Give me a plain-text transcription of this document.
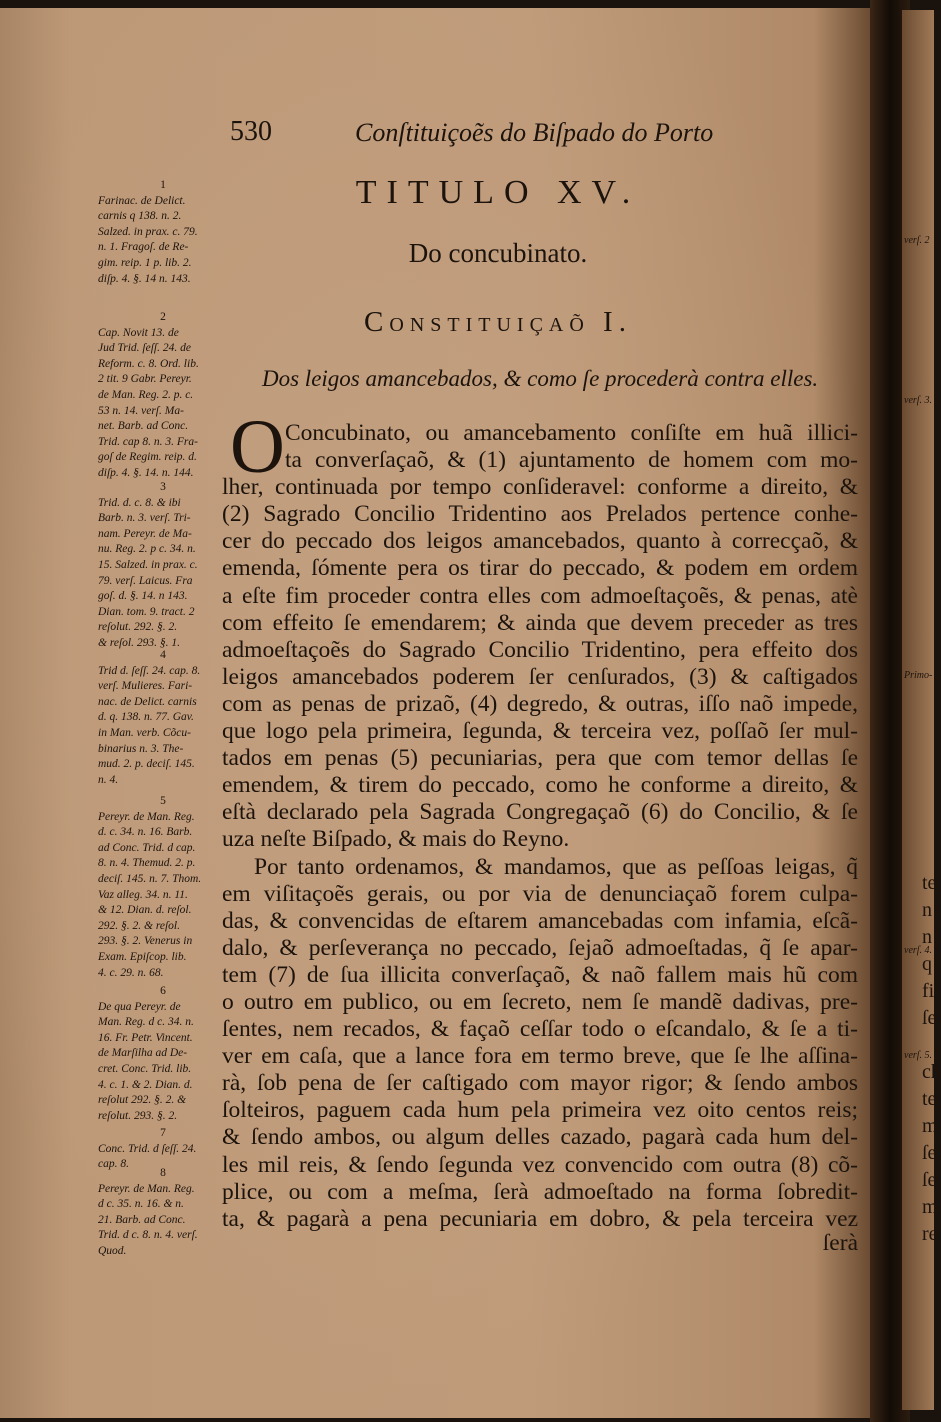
530	Conſtituiçoẽs do Biſpado do Porto
TITULO XV.
Do concubinato.
Constituiçaõ I.
Dos leigos amancebados, & como ſe procederà contra elles.
1
Farinac. de Delict.
carnis q 138. n. 2.
Salzed. in prax. c. 79.
n. 1. Fragoſ. de Re-
gim. reip. 1 p. lib. 2.
diſp. 4. §. 14 n. 143.
2
Cap. Novit 13. de
Jud Trid. ſeſſ. 24. de
Reform. c. 8. Ord. lib.
2 tit. 9 Gabr. Pereyr.
de Man. Reg. 2. p. c.
53 n. 14. verſ. Ma-
net. Barb. ad Conc.
Trid. cap 8. n. 3. Fra-
goſ de Regim. reip. d.
diſp. 4. §. 14. n. 144.
3
Trid. d. c. 8. & ibi
Barb. n. 3. verſ. Tri-
nam. Pereyr. de Ma-
nu. Reg. 2. p c. 34. n.
15. Salzed. in prax. c.
79. verſ. Laicus. Fra
goſ. d. §. 14. n 143.
Dian. tom. 9. tract. 2
reſolut. 292. §. 2.
& reſol. 293. §. 1.
4
Trid d. ſeſſ. 24. cap. 8.
verſ. Mulieres. Fari-
nac. de Delict. carnis
d. q. 138. n. 77. Gav.
in Man. verb. Cõcu-
binarius n. 3. The-
mud. 2. p. deciſ. 145.
n. 4.
5
Pereyr. de Man. Reg.
d. c. 34. n. 16. Barb.
ad Conc. Trid. d cap.
8. n. 4. Themud. 2. p.
deciſ. 145. n. 7. Thom.
Vaz alleg. 34. n. 11.
& 12. Dian. d. reſol.
292. §. 2. & reſol.
293. §. 2. Venerus in
Exam. Epiſcop. lib.
4. c. 29. n. 68.
6
De qua Pereyr. de
Man. Reg. d c. 34. n.
16. Fr. Petr. Vincent.
de Marſilha ad De-
cret. Conc. Trid. lib.
4. c. 1. & 2. Dian. d.
reſolut 292. §. 2. &
reſolut. 293. §. 2.
7
Conc. Trid. d ſeſſ. 24.
cap. 8.
8
Pereyr. de Man. Reg.
d c. 35. n. 16. & n.
21. Barb. ad Conc.
Trid. d c. 8. n. 4. verſ.
Quod.
O Concubinato, ou amancebamento conſiſte em huã illici-
ta converſaçaõ, & (1) ajuntamento de homem com mo-
lher, continuada por tempo conſideravel: conforme a direito, &
(2) Sagrado Concilio Tridentino aos Prelados pertence conhe-
cer do peccado dos leigos amancebados, quanto à correcçaõ, &
emenda, ſómente pera os tirar do peccado, & podem em ordem
a eſte fim proceder contra elles com admoeſtaçoẽs, & penas, atè
com effeito ſe emendarem; & ainda que devem preceder as tres
admoeſtaçoẽs do Sagrado Concilio Tridentino, pera effeito dos
leigos amancebados poderem ſer cenſurados, (3) & caſtigados
com as penas de prizaõ, (4) degredo, & outras, iſſo naõ impede,
que logo pela primeira, ſegunda, & terceira vez, poſſaõ ſer mul-
tados em penas (5) pecuniarias, pera que com temor dellas ſe
emendem, & tirem do peccado, como he conforme a direito, &
eſtà declarado pela Sagrada Congregaçaõ (6) do Concilio, & ſe
uza neſte Biſpado, & mais do Reyno.
Por tanto ordenamos, & mandamos, que as peſſoas leigas, q̃
em viſitaçoẽs gerais, ou por via de denunciaçaõ forem culpa-
das, & convencidas de eſtarem amancebadas com infamia, eſcã-
dalo, & perſeverança no peccado, ſejaõ admoeſtadas, q̃ ſe apar-
tem (7) de ſua illicita converſaçaõ, & naõ fallem mais hũ com
o outro em publico, ou em ſecreto, nem ſe mandẽ dadivas, pre-
ſentes, nem recados, & façaõ ceſſar todo o eſcandalo, & ſe a ti-
ver em caſa, que a lance fora em termo breve, que ſe lhe aſſina-
rà, ſob pena de ſer caſtigado com mayor rigor; & ſendo ambos
ſolteiros, paguem cada hum pela primeira vez oito centos reis;
& ſendo ambos, ou algum delles cazado, pagarà cada hum del-
les mil reis, & ſendo ſegunda vez convencido com outra (8) cõ-
plice, ou com a meſma, ſerà admoeſtado na forma ſobredit-
ta, & pagarà a pena pecuniaria em dobro, & pela terceira vez
ſerà
verſ. 2
verſ. 3.
Primo-
verſ. 4.
verſ. 5.
te
n
n
q
fi
ſe
ch
te
m
ſe
ſe
m
re
